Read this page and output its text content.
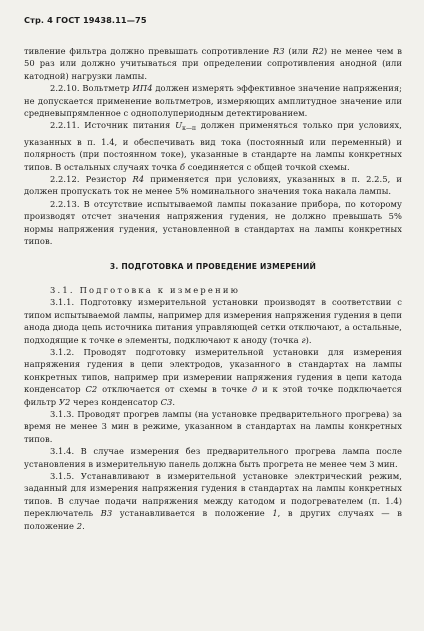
Стр. 4 ГОСТ 19438.11—75

тивление фильтра должно превышать сопротивление R3 (или R2) не менее чем в 50 раз или должно учитываться при определении сопротивления анодной (или катодной) нагрузки лампы.

2.2.10. Вольтметр ИП4 должен измерять эффективное значение напряжения; не допускается применение вольтметров, измеряющих амплитудное значение или средневыпрямленное с однополупериодным детектированием.

2.2.11. Источник питания $U_{к—п}$ должен применяться только при условиях, указанных в п. 1.4, и обеспечивать вид тока (постоянный или переменный) и полярность (при постоянном токе), указанные в стандарте на лампы конкретных типов. В остальных случаях точка б соединяется с общей точкой схемы.

2.2.12. Резистор R4 применяется при условиях, указанных в п. 2.2.5, и должен пропускать ток не менее 5% номинального значения тока накала лампы.

2.2.13. В отсутствие испытываемой лампы показание прибора, по которому производят отсчет значения напряжения гудения, не должно превышать 5% нормы напряжения гудения, установленной в стандартах на лампы конкретных типов.

3. ПОДГОТОВКА И ПРОВЕДЕНИЕ ИЗМЕРЕНИЙ

3.1. Подготовка к измерению

3.1.1. Подготовку измерительной установки производят в соответствии с типом испытываемой лампы, например для измерения напряжения гудения в цепи анода диода цепь источника питания управляющей сетки отключают, а остальные, подходящие к точке в элементы, подключают к аноду (точка г).

3.1.2. Проводят подготовку измерительной установки для измерения напряжения гудения в цепи электродов, указанного в стандартах на лампы конкретных типов, например при измерении напряжения гудения в цепи катода конденсатор С2 отключается от схемы в точке д и к этой точке подключается фильтр У2 через конденсатор С3.

3.1.3. Проводят прогрев лампы (на установке предварительного прогрева) за время не менее 3 мин в режиме, указанном в стандартах на лампы конкретных типов.

3.1.4. В случае измерения без предварительного прогрева лампа после установления в измерительную панель должна быть прогрета не менее чем 3 мин.

3.1.5. Устанавливают в измерительной установке электрический режим, заданный для измерения напряжения гудения в стандартах на лампы конкретных типов. В случае подачи напряжения между катодом и подогревателем (п. 1.4) переключатель В3 устанавливается в положение 1, в других случаях — в положение 2.
